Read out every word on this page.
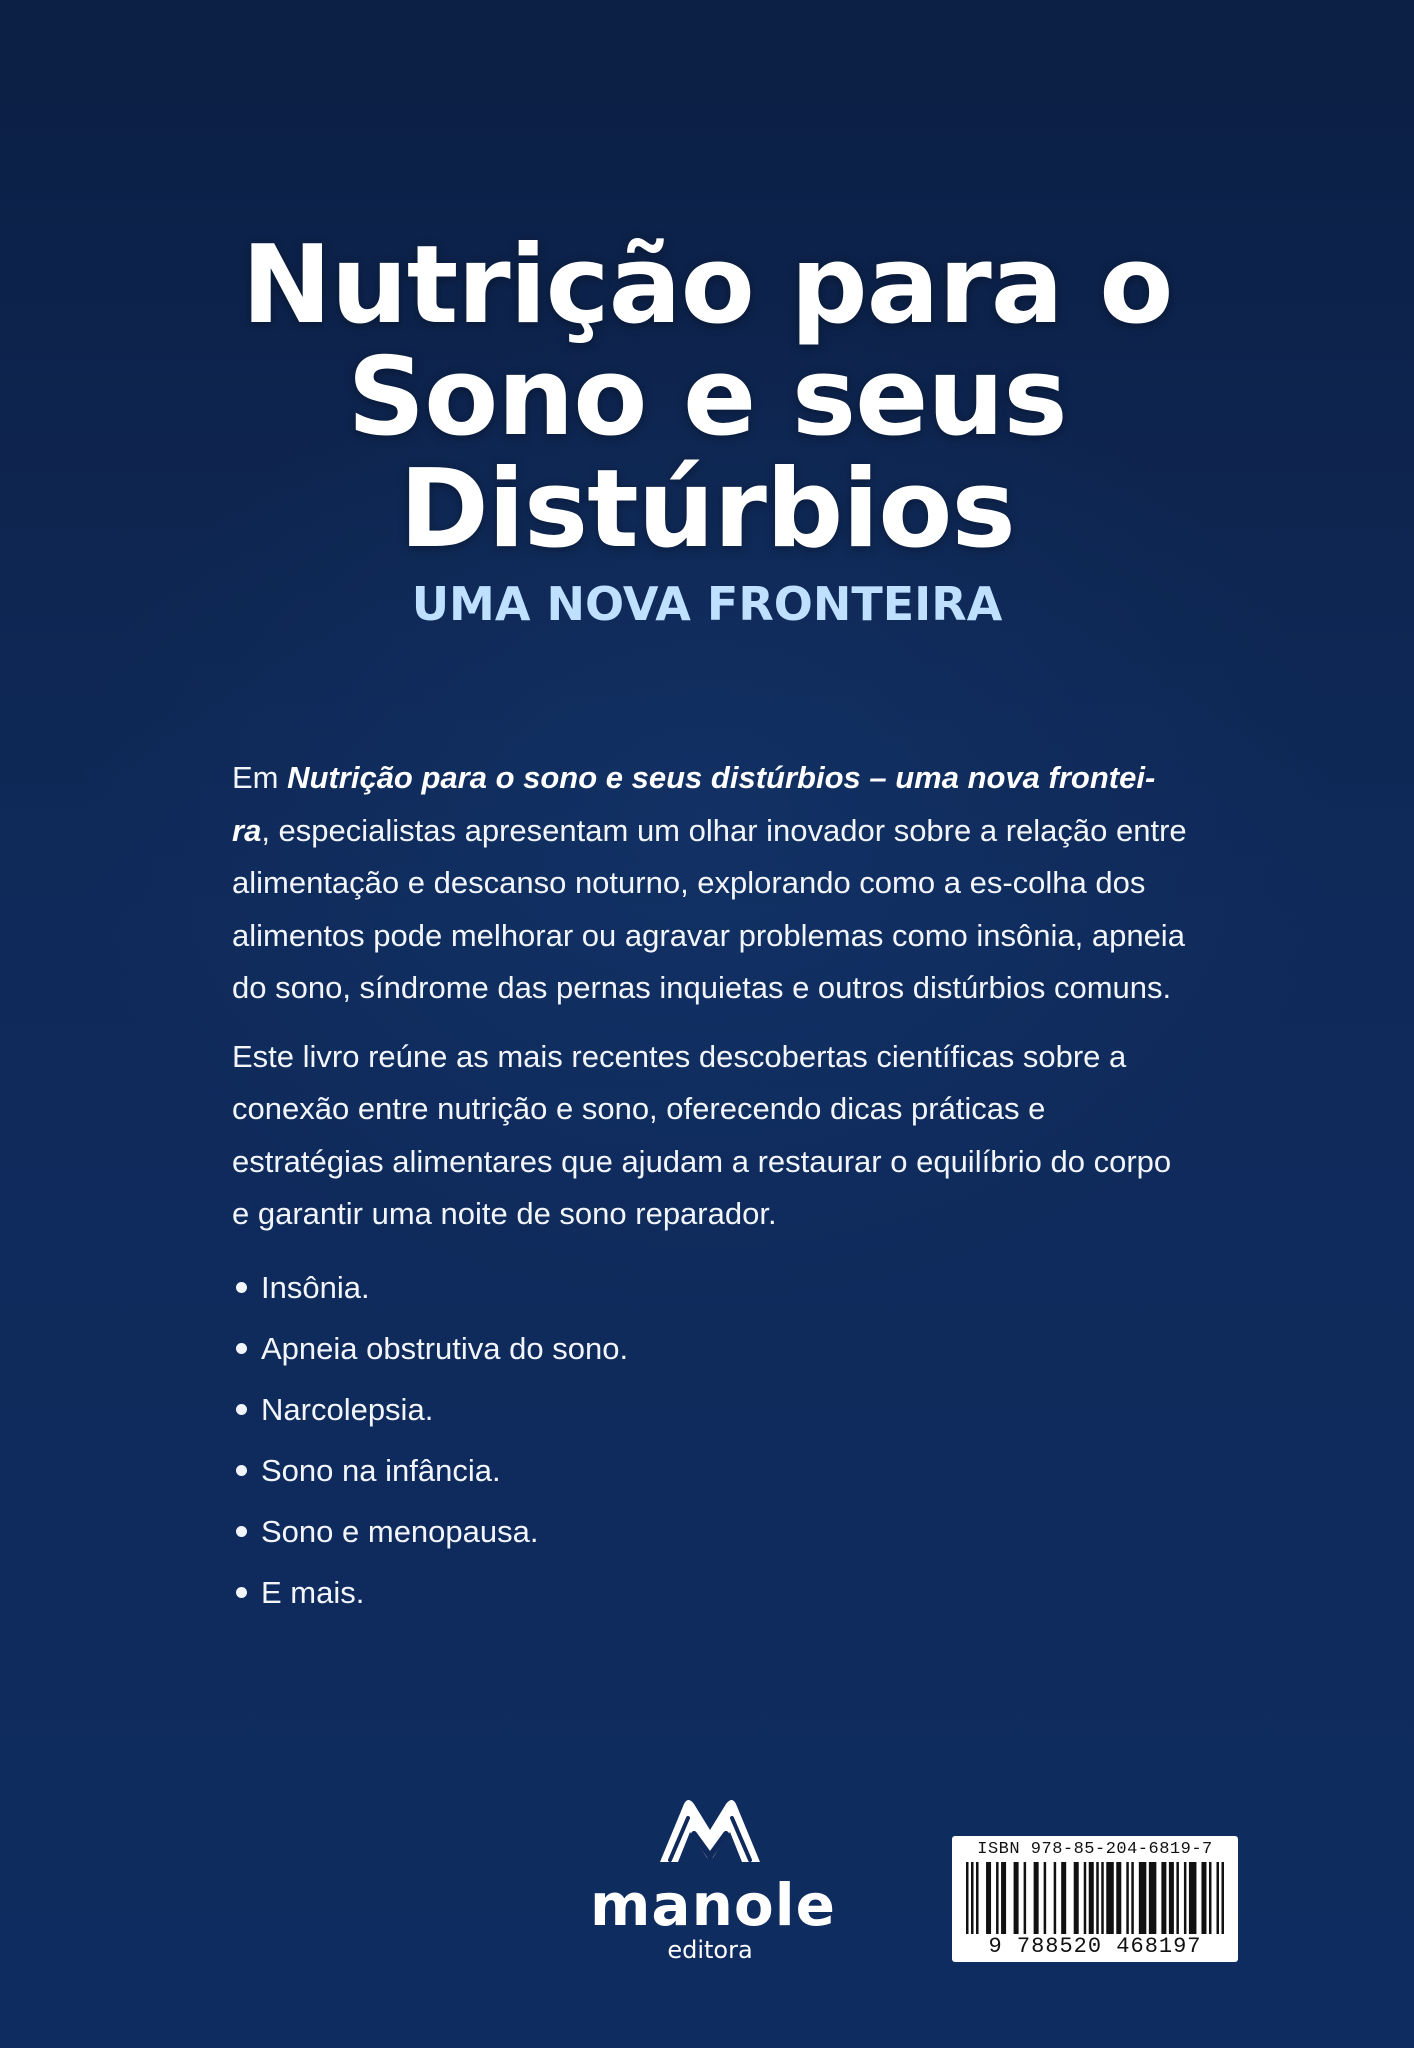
Nutrição para o
Sono e seus
Distúrbios
UMA NOVA FRONTEIRA

Em Nutrição para o sono e seus distúrbios – uma nova frontei-ra, especialistas apresentam um olhar inovador sobre a relação entre alimentação e descanso noturno, explorando como a es-colha dos alimentos pode melhorar ou agravar problemas como insônia, apneia do sono, síndrome das pernas inquietas e outros distúrbios comuns.

Este livro reúne as mais recentes descobertas científicas sobre a conexão entre nutrição e sono, oferecendo dicas práticas e estratégias alimentares que ajudam a restaurar o equilíbrio do corpo e garantir uma noite de sono reparador.

Insônia.
Apneia obstrutiva do sono.
Narcolepsia.
Sono na infância.
Sono e menopausa.
E mais.
manole
editora
ISBN 978-85-204-6819-7
9 788520 468197
